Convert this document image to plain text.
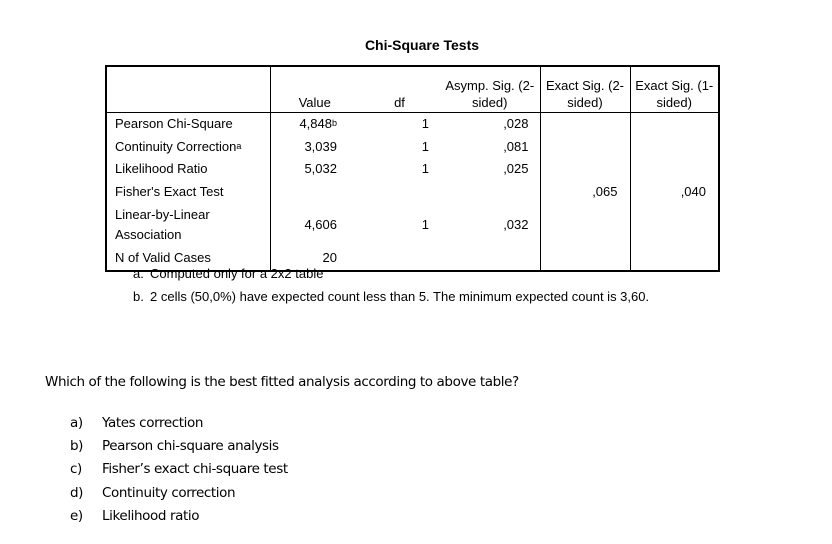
Chi-Square Tests
	Value	df	Asymp. Sig. (2-sided)	Exact Sig. (2-sided)	Exact Sig. (1-sided)
Pearson Chi-Square	4,848$^b$	1	,028		
Continuity Correction$^a$	3,039	1	,081		
Likelihood Ratio	5,032	1	,025		
Fisher's Exact Test				,065	,040
Linear-by-Linear Association	4,606	1	,032		
N of Valid Cases	20				
a. Computed only for a 2x2 table
b. 2 cells (50,0%) have expected count less than 5. The minimum expected count is 3,60.
Which of the following is the best fitted analysis according to above table?
a)	Yates correction
b)	Pearson chi-square analysis
c)	Fisher’s exact chi-square test
d)	Continuity correction
e)	Likelihood ratio
